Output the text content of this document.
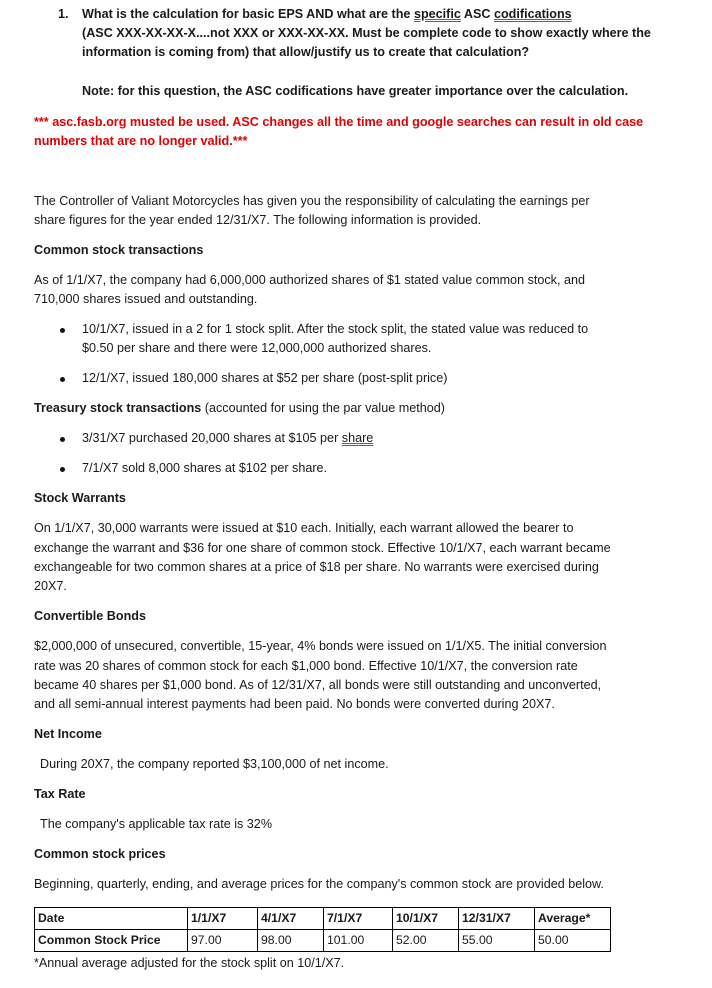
1. What is the calculation for basic EPS AND what are the specific ASC codifications
(ASC XXX-XX-XX-X....not XXX or XXX-XX-XX. Must be complete code to show exactly where the
information is coming from) that allow/justify us to create that calculation?
Note: for this question, the ASC codifications have greater importance over the calculation.
*** asc.fasb.org musted be used. ASC changes all the time and google searches can result in old case
numbers that are no longer valid.***
The Controller of Valiant Motorcycles has given you the responsibility of calculating the earnings per
share figures for the year ended 12/31/X7. The following information is provided.
Common stock transactions
As of 1/1/X7, the company had 6,000,000 authorized shares of $1 stated value common stock, and
710,000 shares issued and outstanding.
10/1/X7, issued in a 2 for 1 stock split. After the stock split, the stated value was reduced to
$0.50 per share and there were 12,000,000 authorized shares.
12/1/X7, issued 180,000 shares at $52 per share (post-split price)
Treasury stock transactions (accounted for using the par value method)
3/31/X7 purchased 20,000 shares at $105 per share
7/1/X7 sold 8,000 shares at $102 per share.
Stock Warrants
On 1/1/X7, 30,000 warrants were issued at $10 each. Initially, each warrant allowed the bearer to
exchange the warrant and $36 for one share of common stock. Effective 10/1/X7, each warrant became
exchangeable for two common shares at a price of $18 per share. No warrants were exercised during
20X7.
Convertible Bonds
$2,000,000 of unsecured, convertible, 15-year, 4% bonds were issued on 1/1/X5. The initial conversion
rate was 20 shares of common stock for each $1,000 bond. Effective 10/1/X7, the conversion rate
became 40 shares per $1,000 bond. As of 12/31/X7, all bonds were still outstanding and unconverted,
and all semi-annual interest payments had been paid. No bonds were converted during 20X7.
Net Income
During 20X7, the company reported $3,100,000 of net income.
Tax Rate
The company's applicable tax rate is 32%
Common stock prices
Beginning, quarterly, ending, and average prices for the company's common stock are provided below.
Date	1/1/X7	4/1/X7	7/1/X7	10/1/X7	12/31/X7	Average*
Common Stock Price	97.00	98.00	101.00	52.00	55.00	50.00
*Annual average adjusted for the stock split on 10/1/X7.
